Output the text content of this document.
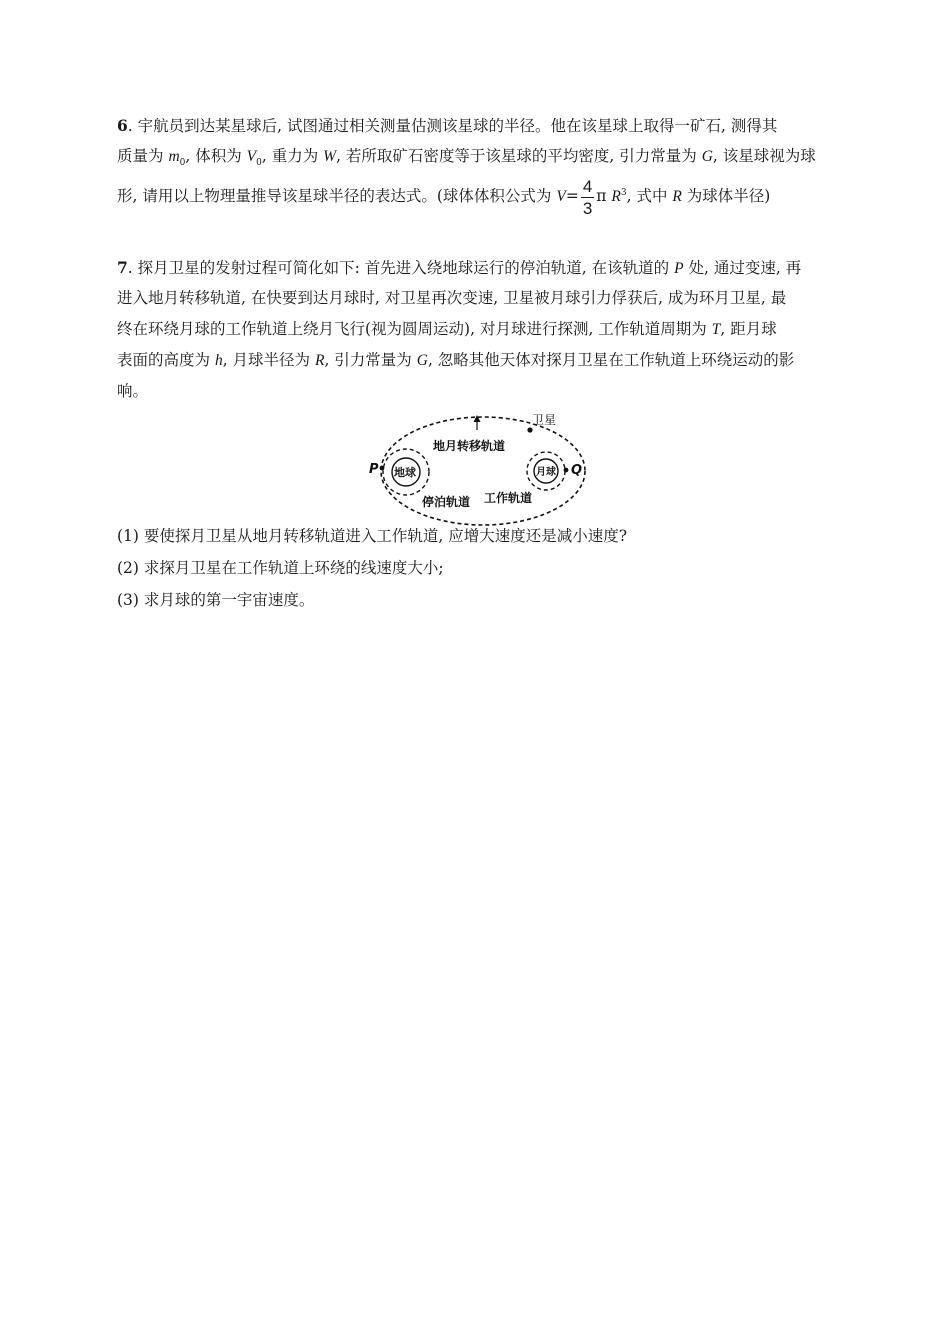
6. 宇航员到达某星球后, 试图通过相关测量估测该星球的半径。他在该星球上取得一矿石, 测得其
质量为 $m_0$, 体积为 $V_0$, 重力为 W, 若所取矿石密度等于该星球的平均密度, 引力常量为 G, 该星球视为球
形, 请用以上物理量推导该星球半径的表达式。(球体体积公式为 $V= \frac{4}{3}$ π $R^3$, 式中 R 为球体半径)
7. 探月卫星的发射过程可简化如下: 首先进入绕地球运行的停泊轨道, 在该轨道的 P 处, 通过变速, 再
进入地月转移轨道, 在快要到达月球时, 对卫星再次变速, 卫星被月球引力俘获后, 成为环月卫星, 最
终在环绕月球的工作轨道上绕月飞行(视为圆周运动), 对月球进行探测, 工作轨道周期为 T, 距月球
表面的高度为 h, 月球半径为 R, 引力常量为 G, 忽略其他天体对探月卫星在工作轨道上环绕运动的影
响。
卫星
地月转移轨道
地球
P	月球 Q
停泊轨道 工作轨道
(1) 要使探月卫星从地月转移轨道进入工作轨道, 应增大速度还是减小速度?
(2) 求探月卫星在工作轨道上环绕的线速度大小;
(3) 求月球的第一宇宙速度。
